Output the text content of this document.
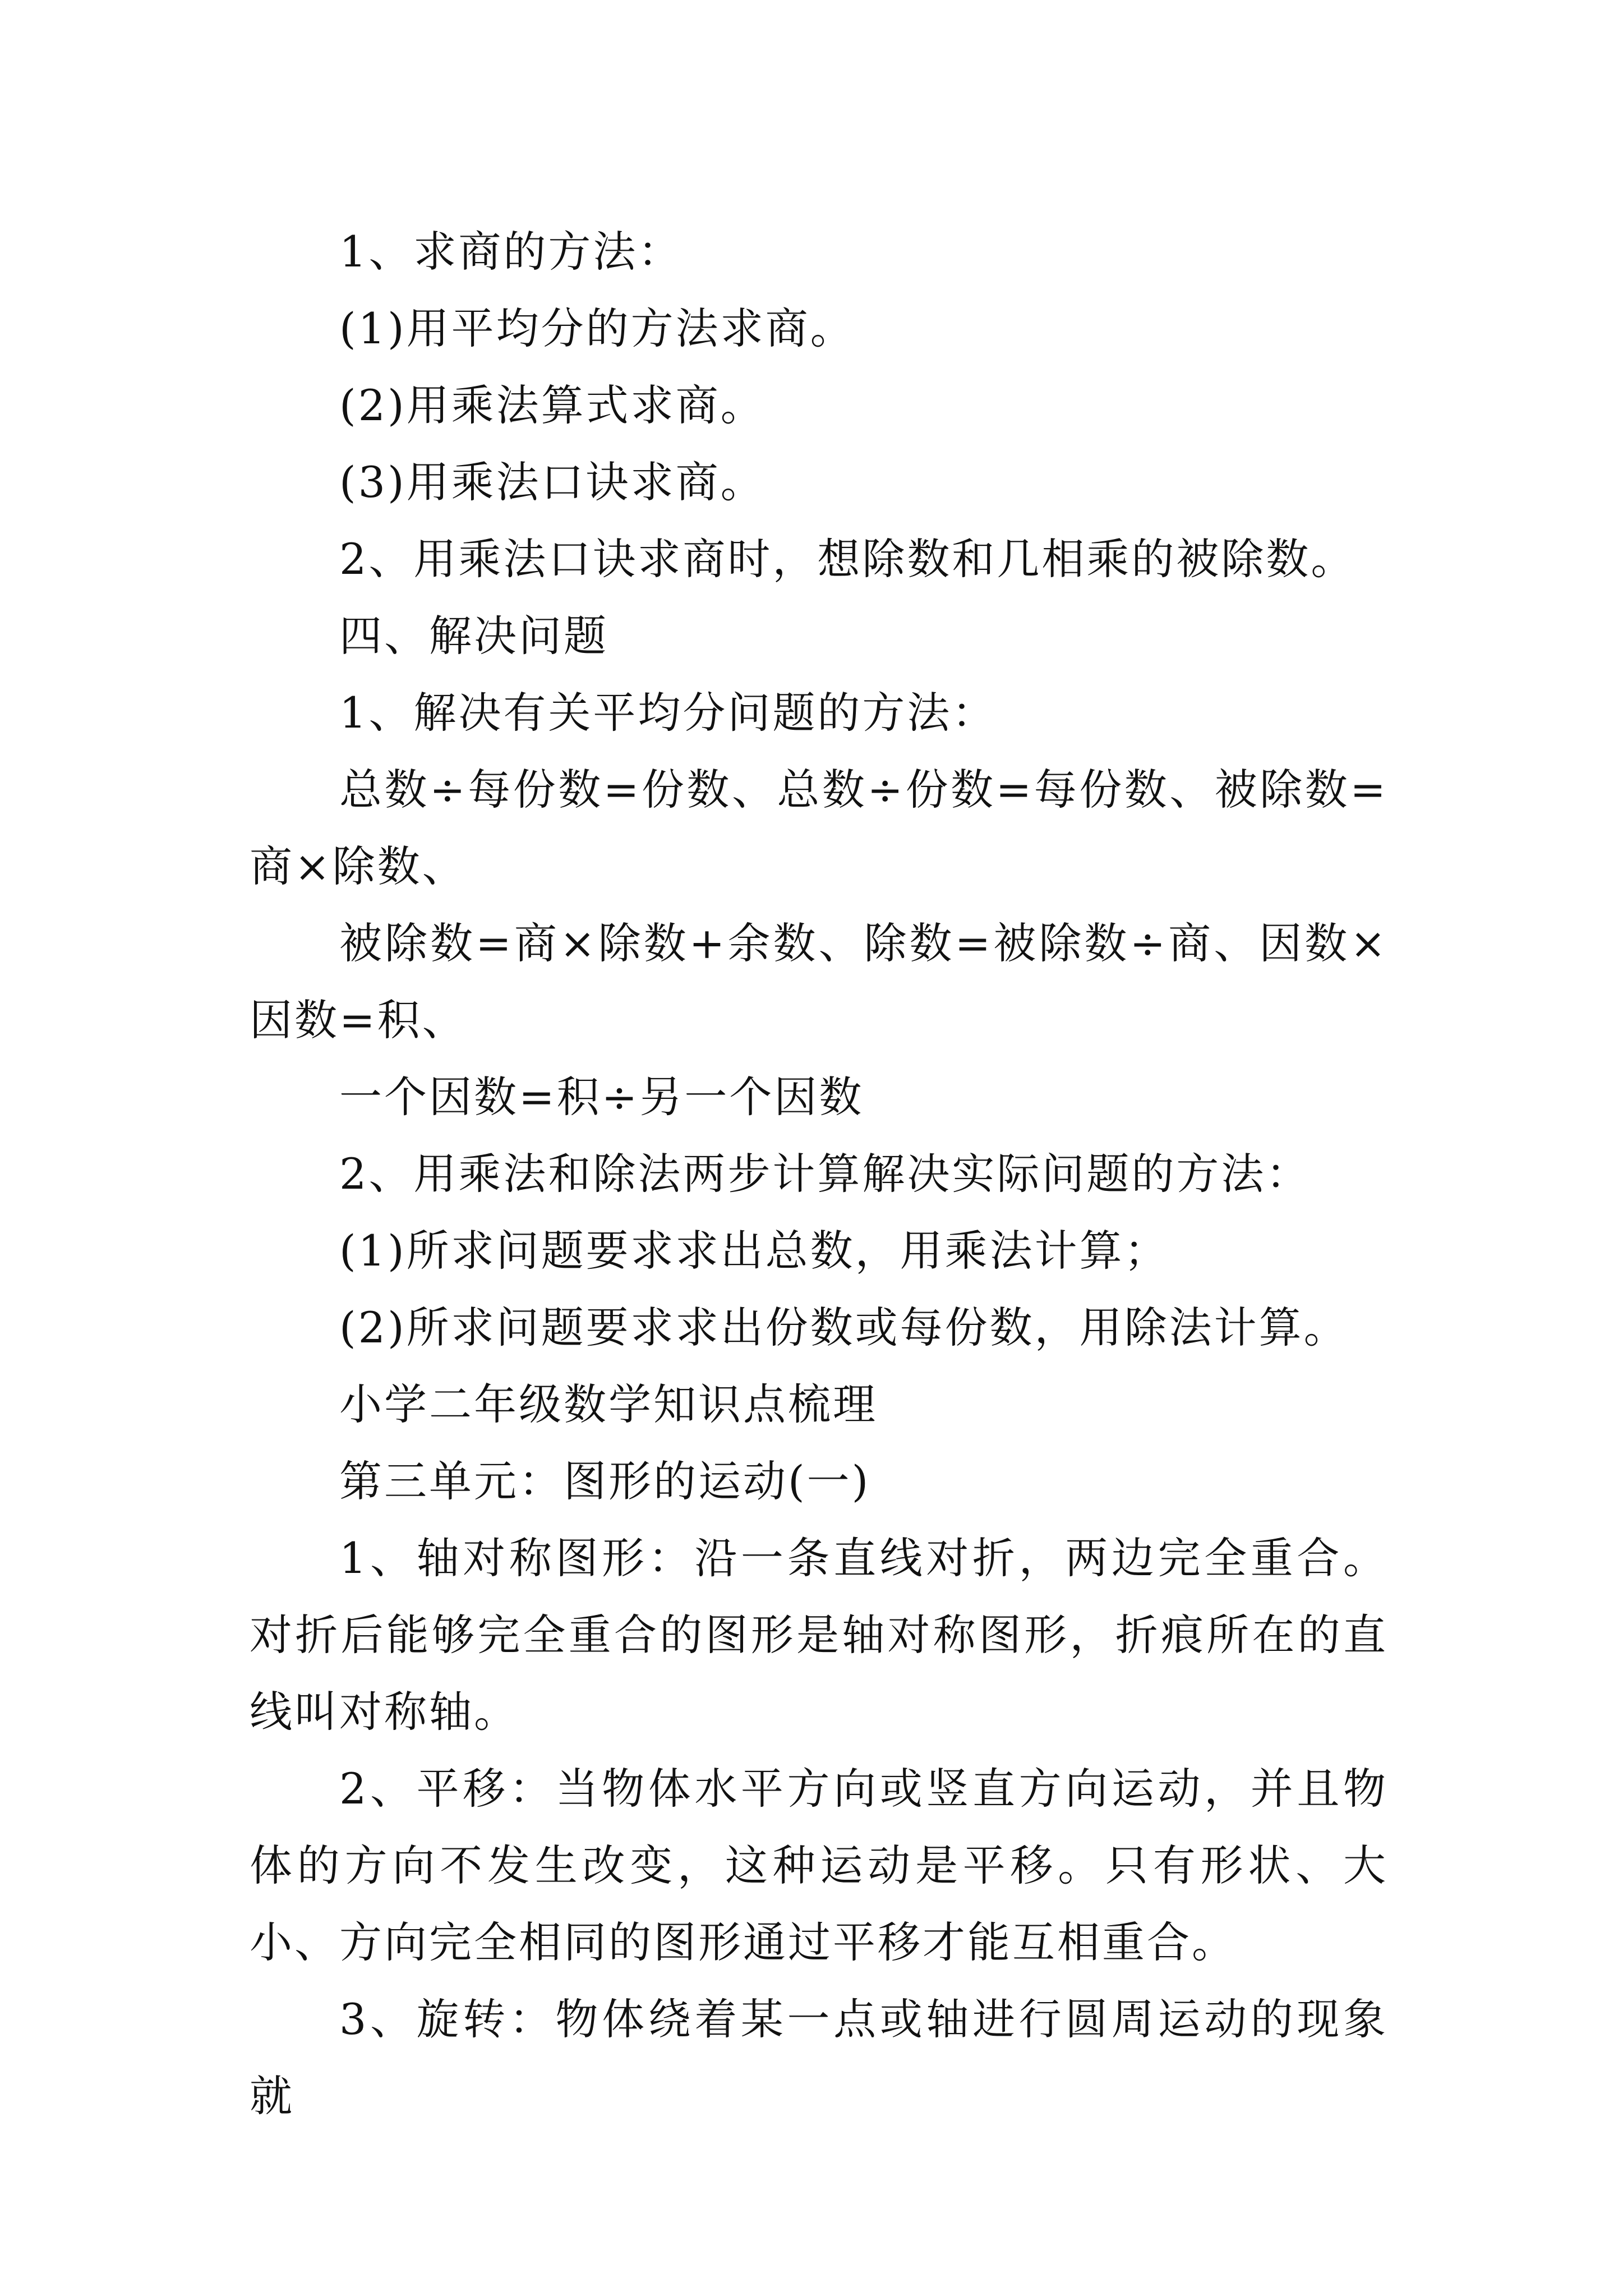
1、求商的方法：

(1)用平均分的方法求商。

(2)用乘法算式求商。

(3)用乘法口诀求商。

2、用乘法口诀求商时，想除数和几相乘的被除数。

四、解决问题

1、解决有关平均分问题的方法：

总数÷每份数=份数、总数÷份数=每份数、被除数=商×除数、

被除数=商×除数+余数、除数=被除数÷商、因数×因数=积、

一个因数=积÷另一个因数

2、用乘法和除法两步计算解决实际问题的方法：

(1)所求问题要求求出总数，用乘法计算；

(2)所求问题要求求出份数或每份数，用除法计算。

小学二年级数学知识点梳理

第三单元：图形的运动(一)

1、轴对称图形：沿一条直线对折，两边完全重合。对折后能够完全重合的图形是轴对称图形，折痕所在的直线叫对称轴。

2、平移：当物体水平方向或竖直方向运动，并且物体的方向不发生改变，这种运动是平移。只有形状、大小、方向完全相同的图形通过平移才能互相重合。

3、旋转：物体绕着某一点或轴进行圆周运动的现象就
